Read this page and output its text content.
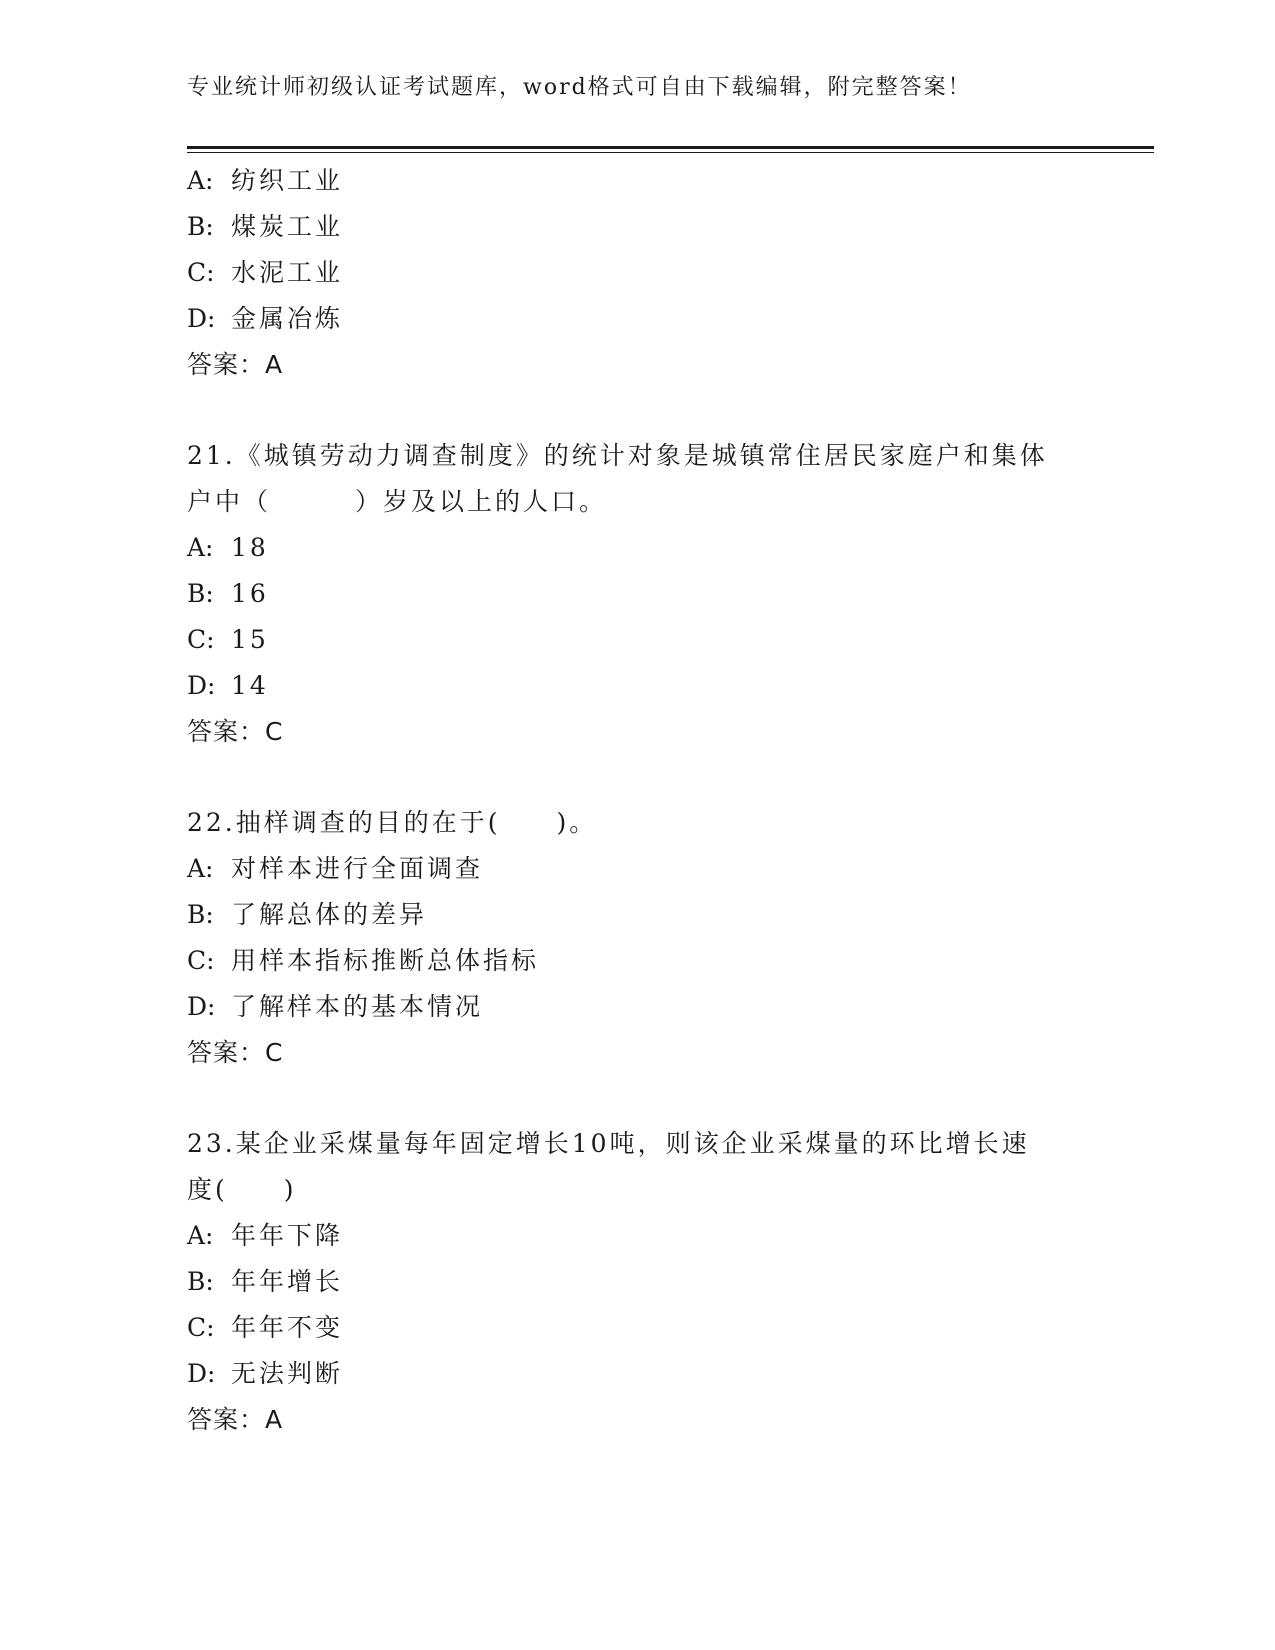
专业统计师初级认证考试题库，word格式可自由下载编辑，附完整答案！
A: 纺织工业
B: 煤炭工业
C: 水泥工业
D: 金属冶炼
答案：A
21.《城镇劳动力调查制度》的统计对象是城镇常住居民家庭户和集体
户中（　　　）岁及以上的人口。
A: 18
B: 16
C: 15
D: 14
答案：C
22.抽样调查的目的在于(　　)。
A: 对样本进行全面调查
B: 了解总体的差异
C: 用样本指标推断总体指标
D: 了解样本的基本情况
答案：C
23.某企业采煤量每年固定增长10吨，则该企业采煤量的环比增长速
度(　　)
A: 年年下降
B: 年年增长
C: 年年不变
D: 无法判断
答案：A
